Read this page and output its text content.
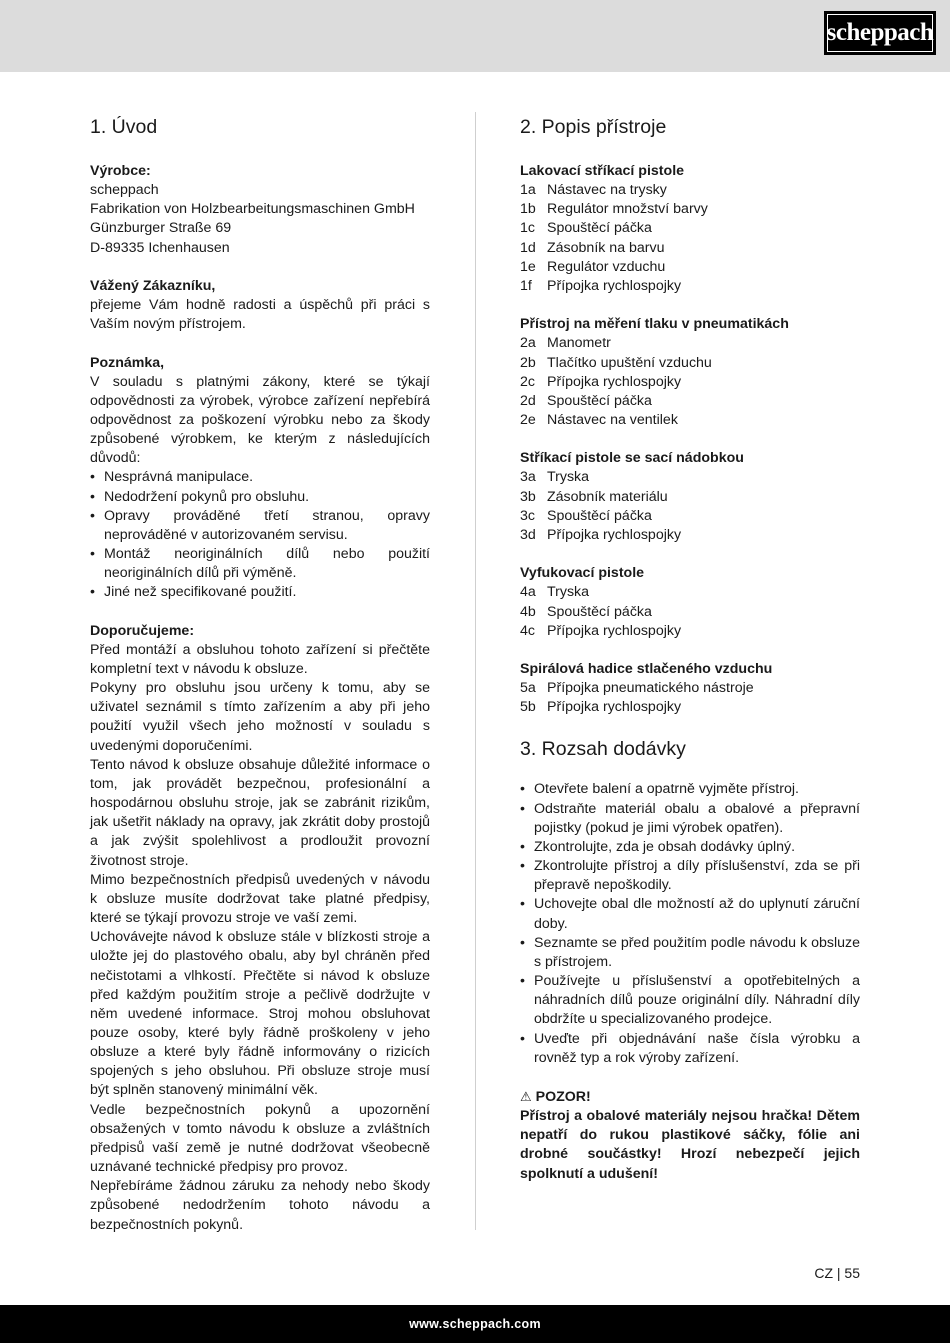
scheppach
1. Úvod

Výrobce:

scheppach

Fabrikation von Holzbearbeitungsmaschinen GmbH

Günzburger Straße 69

D-89335 Ichenhausen

Vážený Zákazníku,

přejeme Vám hodně radosti a úspěchů při práci s Vaším novým přístrojem.

Poznámka,

V souladu s platnými zákony, které se týkají odpovědnosti za výrobek, výrobce zařízení nepřebírá odpovědnost za poškození výrobku nebo za škody způsobené výrobkem, ke kterým z následujících důvodů:

• Nesprávná manipulace.
• Nedodržení pokynů pro obsluhu.
• Opravy prováděné třetí stranou, opravy neprováděné v autorizovaném servisu.
• Montáž neoriginálních dílů nebo použití neoriginálních dílů při výměně.
• Jiné než specifikované použití.

Doporučujeme:

Před montáží a obsluhou tohoto zařízení si přečtěte kompletní text v návodu k obsluze.

Pokyny pro obsluhu jsou určeny k tomu, aby se uživatel seznámil s tímto zařízením a aby při jeho použití využil všech jeho možností v souladu s uvedenými doporučeními.

Tento návod k obsluze obsahuje důležité informace o tom, jak provádět bezpečnou, profesionální a hospodárnou obsluhu stroje, jak se zabránit rizikům, jak ušetřit náklady na opravy, jak zkrátit doby prostojů a jak zvýšit spolehlivost a prodloužit provozní životnost stroje.

Mimo bezpečnostních předpisů uvedených v návodu k obsluze musíte dodržovat take platné předpisy, které se týkají provozu stroje ve vaší zemi.

Uchovávejte návod k obsluze stále v blízkosti stroje a uložte jej do plastového obalu, aby byl chráněn před nečistotami a vlhkostí. Přečtěte si návod k obsluze před každým použitím stroje a pečlivě dodržujte v něm uvedené informace. Stroj mohou obsluhovat pouze osoby, které byly řádně proškoleny v jeho obsluze a které byly řádně informovány o rizicích spojených s jeho obsluhou. Při obsluze stroje musí být splněn stanovený minimální věk.

Vedle bezpečnostních pokynů a upozornění obsažených v tomto návodu k obsluze a zvláštních předpisů vaší země je nutné dodržovat všeobecně uznávané technické předpisy pro provoz.

Nepřebíráme žádnou záruku za nehody nebo škody způsobené nedodržením tohoto návodu a bezpečnostních pokynů.

2. Popis přístroje

Lakovací stříkací pistole

1a Nástavec na trysky
1b Regulátor množství barvy
1c Spouštěcí páčka
1d Zásobník na barvu
1e Regulátor vzduchu
1f	Přípojka rychlospojky

Přístroj na měření tlaku v pneumatikách

2a Manometr
2b Tlačítko upuštění vzduchu
2c Přípojka rychlospojky
2d Spouštěcí páčka
2e Nástavec na ventilek

Stříkací pistole se sací nádobkou

3a Tryska
3b Zásobník materiálu
3c Spouštěcí páčka
3d Přípojka rychlospojky

Vyfukovací pistole

4a Tryska
4b Spouštěcí páčka
4c Přípojka rychlospojky

Spirálová hadice stlačeného vzduchu

5a Přípojka pneumatického nástroje
5b Přípojka rychlospojky
3. Rozsah dodávky
• Otevřete balení a opatrně vyjměte přístroj.
• Odstraňte materiál obalu a obalové a přepravní pojistky (pokud je jimi výrobek opatřen).
• Zkontrolujte, zda je obsah dodávky úplný.
• Zkontrolujte přístroj a díly příslušenství, zda se při přepravě nepoškodily.
• Uchovejte obal dle možností až do uplynutí záruční doby.
• Seznamte se před použitím podle návodu k obsluze s přístrojem.
• Používejte u příslušenství a opotřebitelných a náhradních dílů pouze originální díly. Náhradní díly obdržíte u specializovaného prodejce.
• Uveďte při objednávání naše čísla výrobku a rovněž typ a rok výroby zařízení.

⚠ POZOR!

Přístroj a obalové materiály nejsou hračka! Dětem nepatří do rukou plastikové sáčky, fólie ani drobné součástky! Hrozí nebezpečí jejich spolknutí a udušení!

CZ | 55
www.scheppach.com
